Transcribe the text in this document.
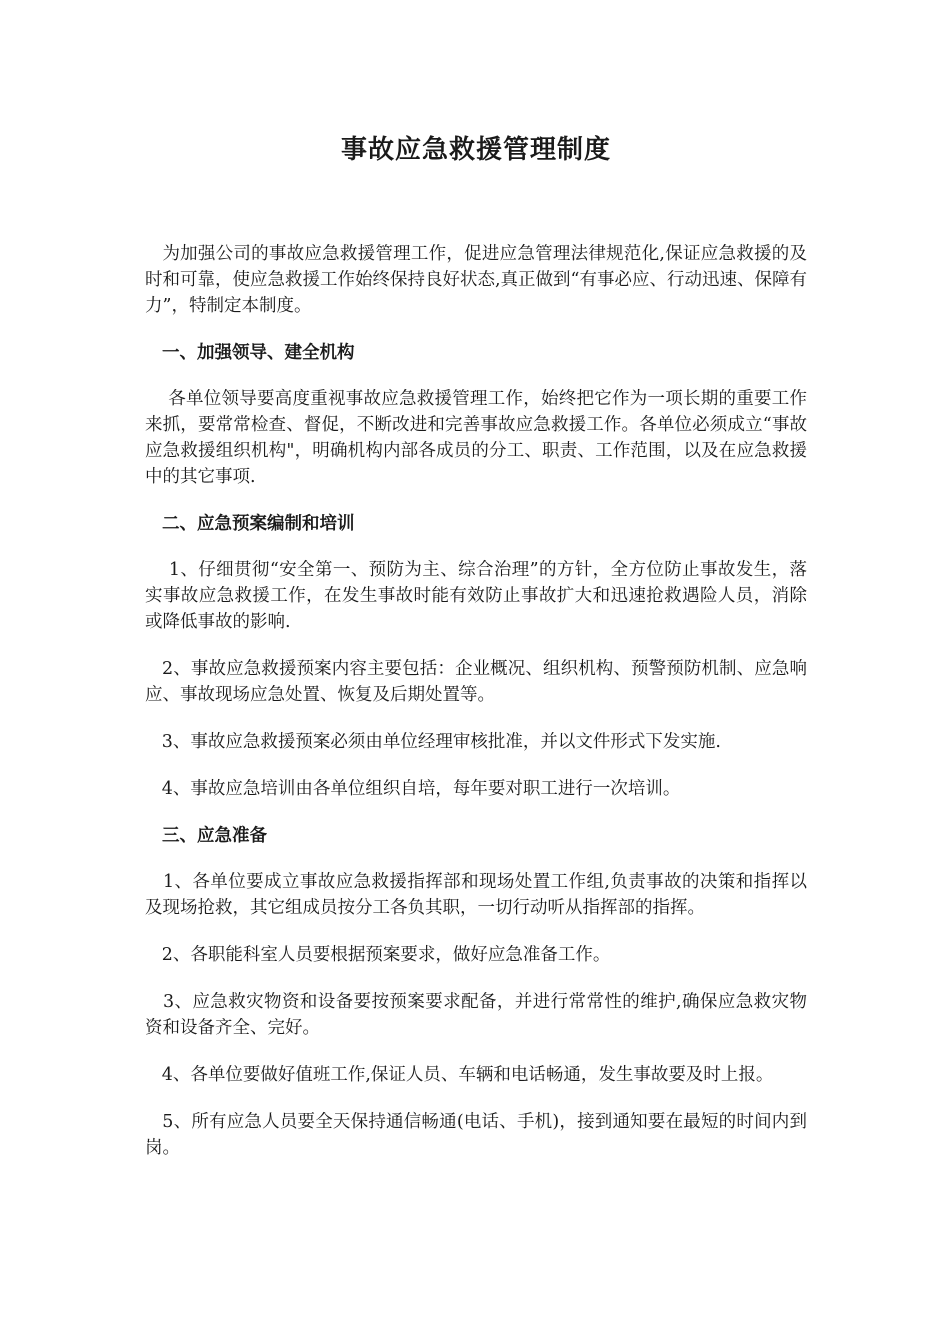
事故应急救援管理制度

为加强公司的事故应急救援管理工作，促进应急管理法律规范化,保证应急救援的及时和可靠，使应急救援工作始终保持良好状态,真正做到“有事必应、行动迅速、保障有力”，特制定本制度。

一、加强领导、建全机构

各单位领导要高度重视事故应急救援管理工作，始终把它作为一项长期的重要工作来抓，要常常检查、督促，不断改进和完善事故应急救援工作。各单位必须成立“事故应急救援组织机构"，明确机构内部各成员的分工、职责、工作范围，以及在应急救援中的其它事项.

二、应急预案编制和培训

1、仔细贯彻“安全第一、预防为主、综合治理”的方针，全方位防止事故发生，落实事故应急救援工作，在发生事故时能有效防止事故扩大和迅速抢救遇险人员，消除或降低事故的影响.

2、事故应急救援预案内容主要包括：企业概况、组织机构、预警预防机制、应急响应、事故现场应急处置、恢复及后期处置等。

3、事故应急救援预案必须由单位经理审核批准，并以文件形式下发实施.

4、事故应急培训由各单位组织自培，每年要对职工进行一次培训。

三、应急准备

1、各单位要成立事故应急救援指挥部和现场处置工作组,负责事故的决策和指挥以及现场抢救，其它组成员按分工各负其职，一切行动听从指挥部的指挥。

2、各职能科室人员要根据预案要求，做好应急准备工作。

3、应急救灾物资和设备要按预案要求配备，并进行常常性的维护,确保应急救灾物资和设备齐全、完好。

4、各单位要做好值班工作,保证人员、车辆和电话畅通，发生事故要及时上报。

5、所有应急人员要全天保持通信畅通(电话、手机)，接到通知要在最短的时间内到岗。
